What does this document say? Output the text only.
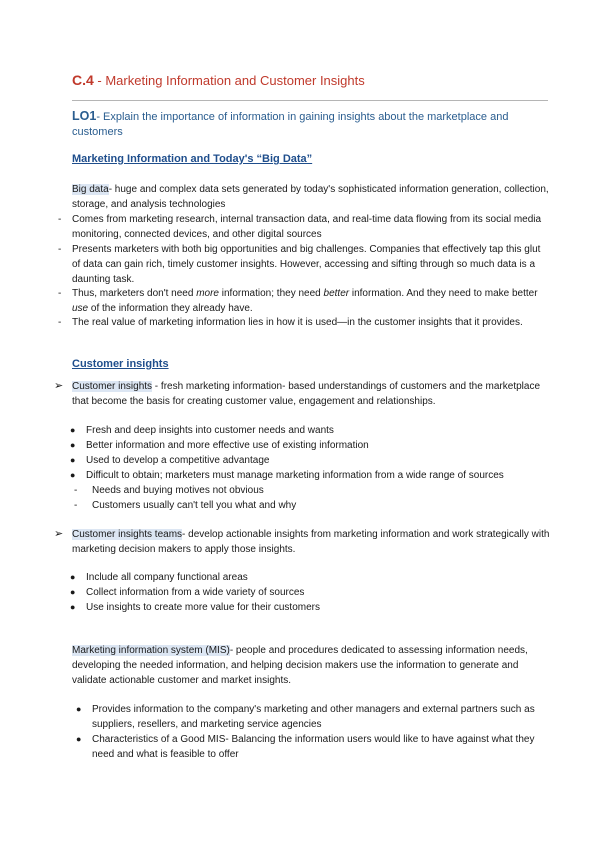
C.4 - Marketing Information and Customer Insights
LO1- Explain the importance of information in gaining insights about the marketplace and customers
Marketing Information and Today's “Big Data”
Big data- huge and complex data sets generated by today's sophisticated information generation, collection, storage, and analysis technologies
- Comes from marketing research, internal transaction data, and real-time data flowing from its social media monitoring, connected devices, and other digital sources
- Presents marketers with both big opportunities and big challenges. Companies that effectively tap this glut of data can gain rich, timely customer insights. However, accessing and sifting through so much data is a daunting task.
- Thus, marketers don't need more information; they need better information. And they need to make better use of the information they already have.
- The real value of marketing information lies in how it is used—in the customer insights that it provides.
Customer insights
➢ Customer insights - fresh marketing information- based understandings of customers and the marketplace that become the basis for creating customer value, engagement and relationships.
● Fresh and deep insights into customer needs and wants
● Better information and more effective use of existing information
● Used to develop a competitive advantage
● Difficult to obtain; marketers must manage marketing information from a wide range of sources
- Needs and buying motives not obvious
- Customers usually can't tell you what and why
➢ Customer insights teams- develop actionable insights from marketing information and work strategically with marketing decision makers to apply those insights.
● Include all company functional areas
● Collect information from a wide variety of sources
● Use insights to create more value for their customers
Marketing information system (MIS)- people and procedures dedicated to assessing information needs, developing the needed information, and helping decision makers use the information to generate and validate actionable customer and market insights.
● Provides information to the company's marketing and other managers and external partners such as suppliers, resellers, and marketing service agencies
● Characteristics of a Good MIS- Balancing the information users would like to have against what they need and what is feasible to offer
